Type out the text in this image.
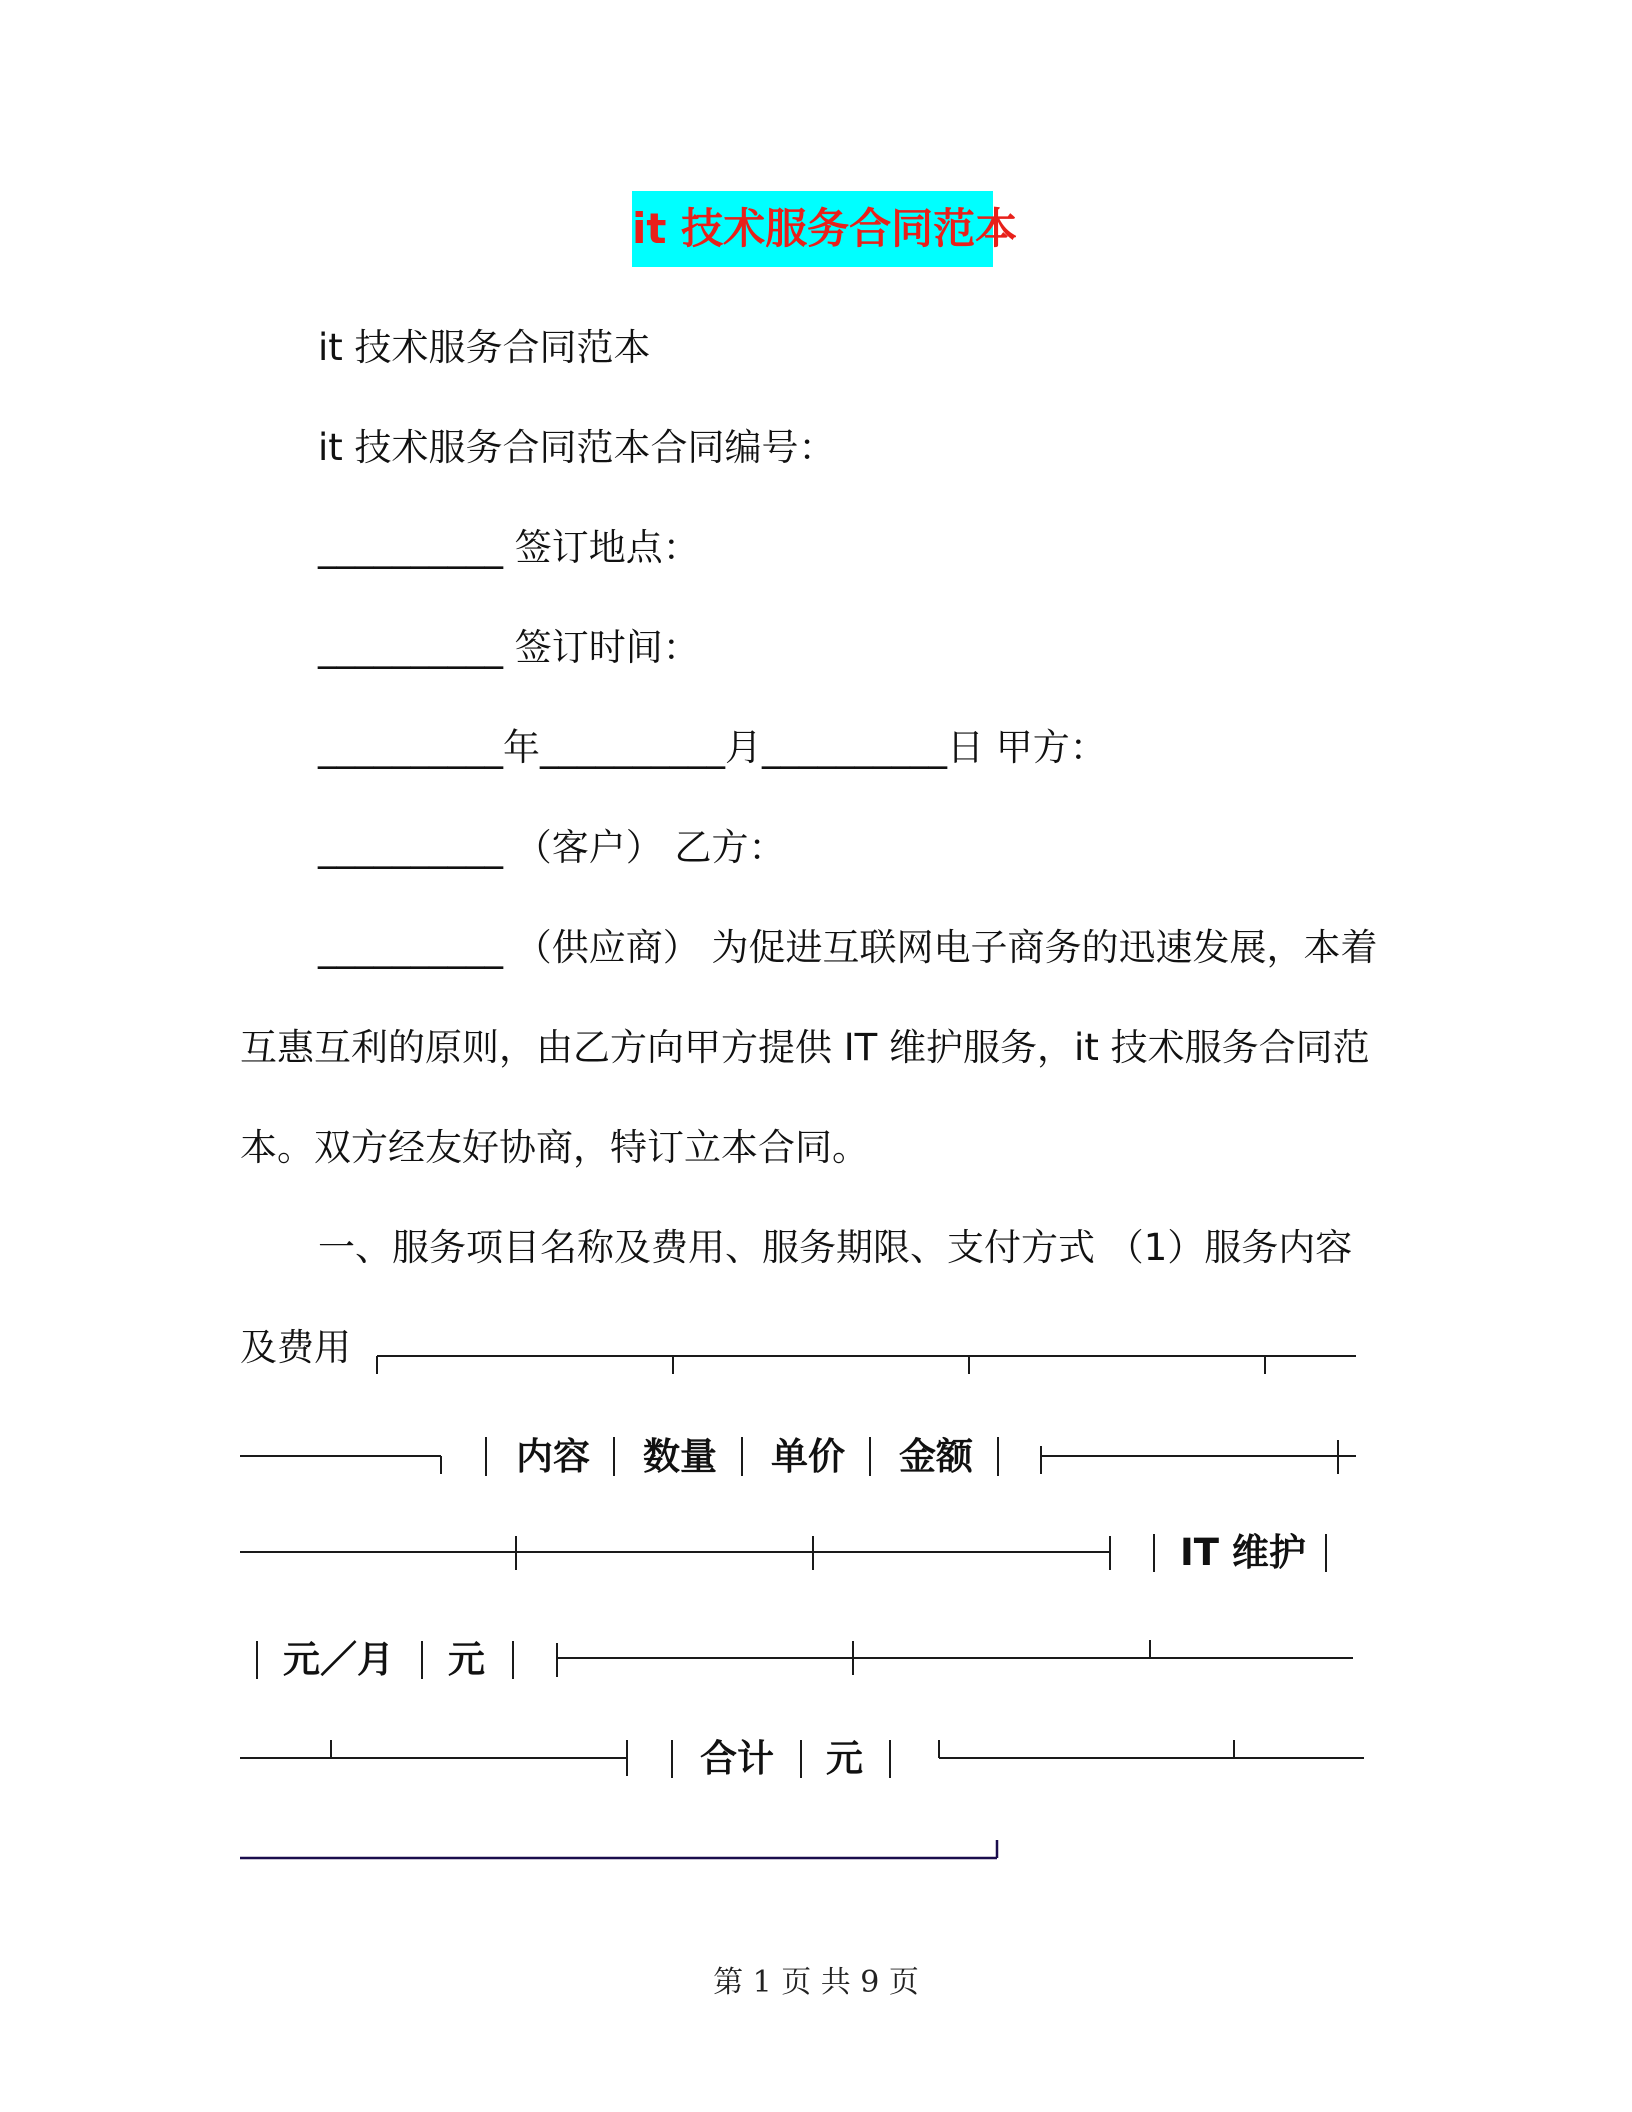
it 技术服务合同范本
it 技术服务合同范本
it 技术服务合同范本合同编号：
__________ 签订地点：
__________ 签订时间：
__________年__________月__________日 甲方：
__________ （客户） 乙方：
__________ （供应商） 为促进互联网电子商务的迅速发展，本着
互惠互利的原则，由乙方向甲方提供 IT 维护服务，it 技术服务合同范
本。双方经友好协商，特订立本合同。
一、服务项目名称及费用、服务期限、支付方式 （1）服务内容
及费用
内容 数量 单价 金额
IT 维护
元／月 元
合计 元
第 1 页 共 9 页
